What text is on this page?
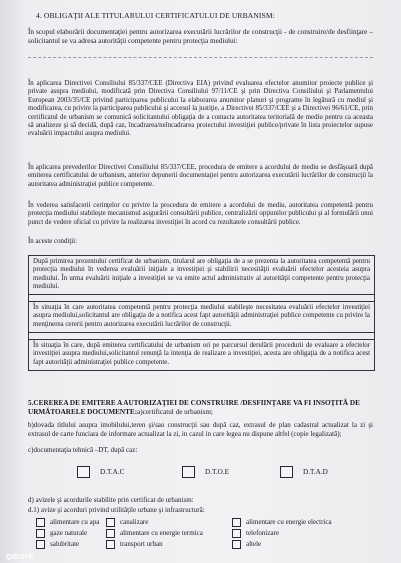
4. OBLIGAŢII ALE TITULARULUI CERTIFICATULUI DE URBANISM:
În scopul elaborării documentaţiei pentru autorizarea executării lucrărilor de construcţii - de construire/de desfiinţare – solicitantul se va adresa autorităţii competente pentru protecţia mediului:
În aplicarea Directivei Consiliului 85/337/CEE (Directiva EIA) privind evaluarea efectelor anumitor proiecte publice şi private asupra mediului, modificată prin Directiva Consiliului 97/11/CE şi prin Directiva Consiliului şi Parlamentului European 2003/35/CE privind participarea publicului la elaborarea anumitor planuri şi programe în legătură cu mediul şi modificarea, cu privire la participarea publicului şi accesul la justiţie, a Directivei 85/337/CEE şi a Directivei 96/61/CE, prin certificatul de urbanism se comunică solicitantului obligaţia de a contacta autoritatea teritorială de mediu pentru ca aceasta să analizeze şi să decidă, după caz, încadrarea/neîncadrarea proiectului investiţiei publice/private în lista proiectelor supuse evaluării impactului asupra mediului.
În aplicarea prevederilor Directivei Consiliului 85/337/CEE, procedura de emitere a acordului de mediu se desfăşoară după emiterea certificatului de urbanism, anterior depunerii documentaţiei pentru autorizarea executării lucrărilor de construcţii la autoritatea administraţiei publice competente.
În vederea satisfacerii cerinţelor cu privire la procedura de emitere a acordului de mediu, autoritatea competentă pentru protecţia mediului stabileşte mecanismul asigurării consultării publice, centralizării opţiunilor publicului şi al formulării unui punct de vedere oficial cu privire la realizarea investiţiei în acord cu rezultatele consultării publice.
În aceste condiţii:
După primirea prezentului certificat de urbanism, titularul are obligaţia de a se prezenta la autoritatea competentă pentru protecţia mediului în vederea evaluării iniţiale a investiţiei şi stabilirii necesităţii evaluării efectelor acesteia asupra mediului. În urma evaluării iniţiale a investiţiei se va emite actul administrativ al autorităţii competente pentru protecţia mediului.
În situaţia în care autoritatea competentă pentru protecţia mediului stabileşte necesitatea evaluării efectelor investiţiei asupra mediului,solicitantul are obligaţia de a notifica acest fapt autorităţii administraţiei publice competente cu privire la menţinerea cererii pentru autorizarea executării lucrărilor de construcţii.
În situaţia în care, după emiterea certificatului de urbanism ori pe parcursul derulării procedurii de evaluare a efectelor investiţiei asupra mediului,solicitantul renunţă la intenţia de realizare a investiţiei, acesta are obligaţia de a notifica acest fapt autorităţii administraţiei publice competente.
5.CEREREA DE EMITERE A AUTORIZAŢIEI DE CONSTRUIRE /DESFIINŢARE VA FI INSOŢITĂ DE URMĂTOARELE DOCUMENTE:a)certificatul de urbanism;
b)dovada titlului asupra imobilului,teren şi/sau construcţii sau după caz, extrasul de plan cadastral actualizat la zi şi extrasul de carte funciara de informare actualizat la zi, in cazul in care legea nu dispune altfel (copie legalizată);
c)documentaţia tehnică –DT, după caz:
D.T.A.C	D.T.O.E	D.T.A.D
d) avizele şi acordurile stabilite prin certificat de urbanism:
d.1) avize şi acorduri privind utilităţile urbane şi infrastructură:
alimentare cu apa	canalizare	alimentare cu energie electrica
gaze naturale	alimentare cu energie termica	telefonizare
salubritate	transport urban	altele
QIDAYE
